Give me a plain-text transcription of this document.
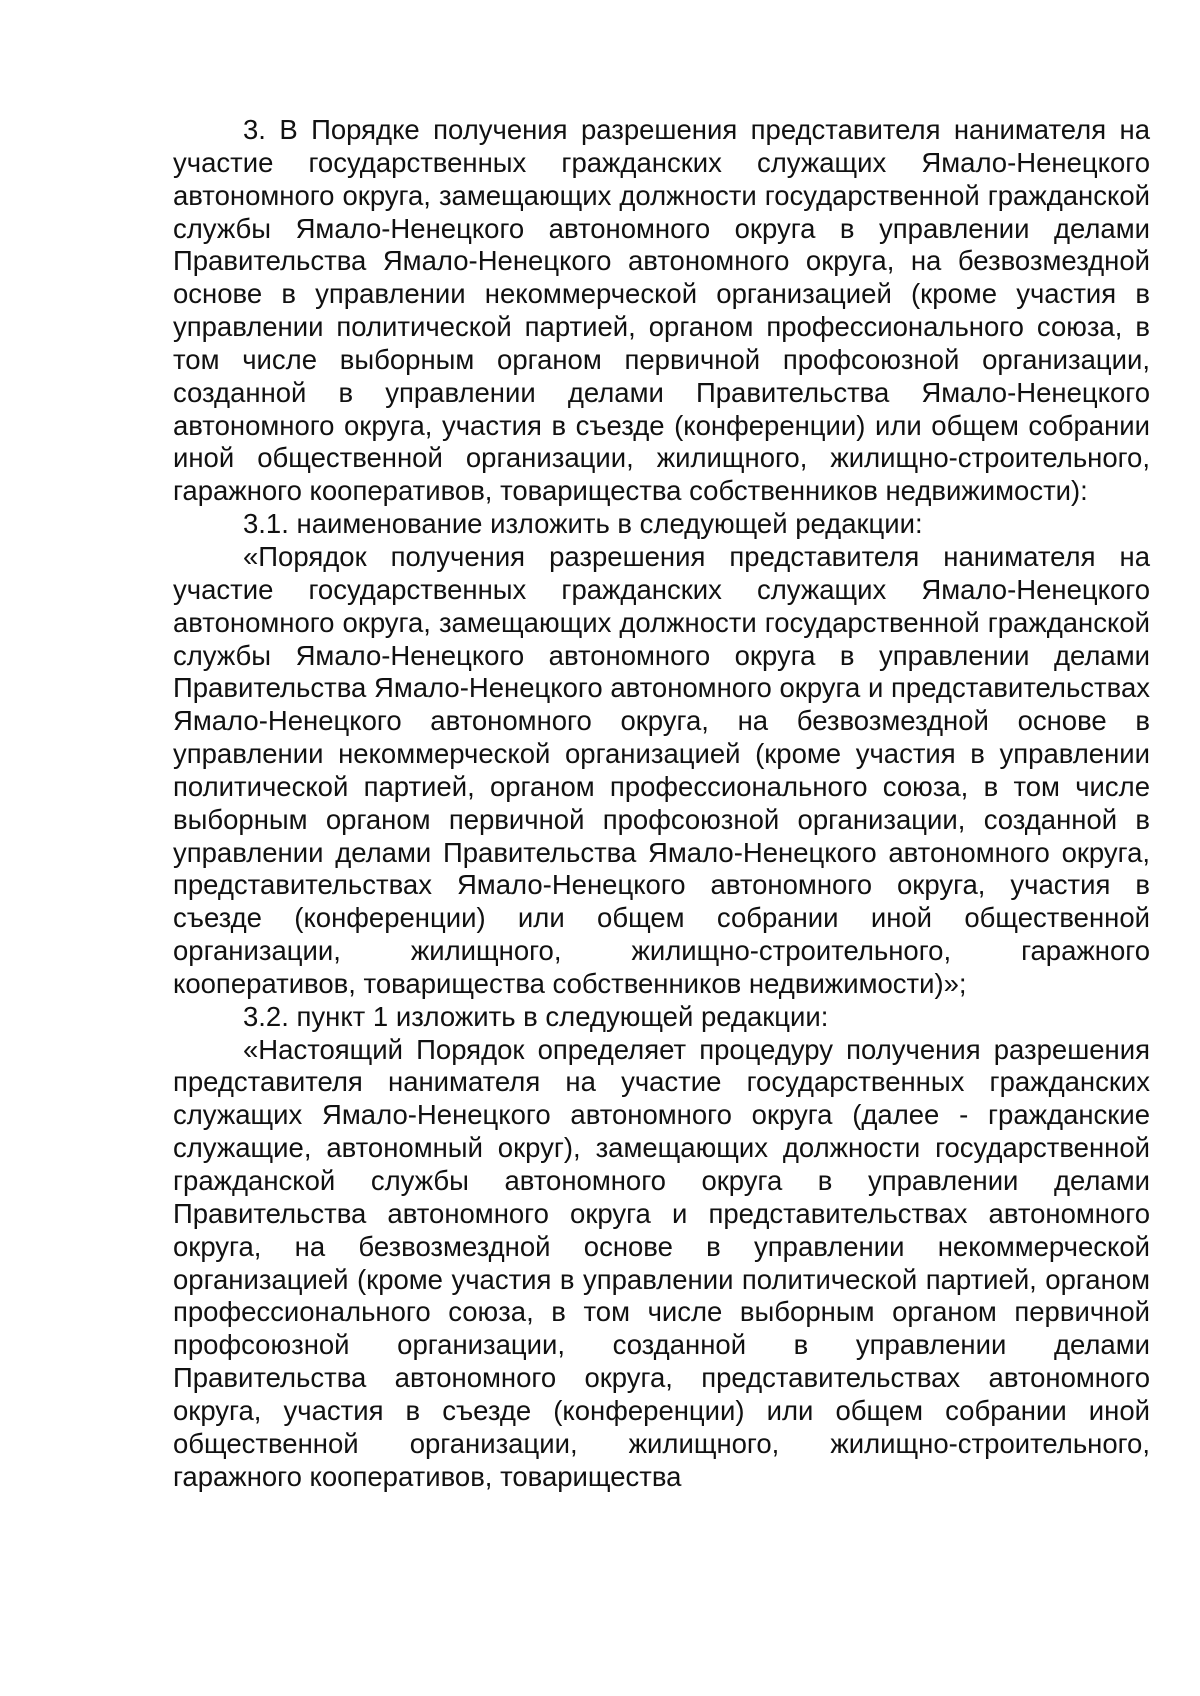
3. В Порядке получения разрешения представителя нанимателя на участие государственных гражданских служащих Ямало-Ненецкого автономного округа, замещающих должности государственной гражданской службы Ямало-Ненецкого автономного округа в управлении делами Правительства Ямало-Ненецкого автономного округа, на безвозмездной основе в управлении некоммерческой организацией (кроме участия в управлении политической партией, органом профессионального союза, в том числе выборным органом первичной профсоюзной организации, созданной в управлении делами Правительства Ямало-Ненецкого автономного округа, участия в съезде (конференции) или общем собрании иной общественной организации, жилищного, жилищно-строительного, гаражного кооперативов, товарищества собственников недвижимости):

3.1. наименование изложить в следующей редакции:

«Порядок получения разрешения представителя нанимателя на участие государственных гражданских служащих Ямало-Ненецкого автономного округа, замещающих должности государственной гражданской службы Ямало-Ненецкого автономного округа в управлении делами Правительства Ямало-Ненецкого автономного округа и представительствах Ямало-Ненецкого автономного округа, на безвозмездной основе в управлении некоммерческой организацией (кроме участия в управлении политической партией, органом профессионального союза, в том числе выборным органом первичной профсоюзной организации, созданной в управлении делами Правительства Ямало-Ненецкого автономного округа, представительствах Ямало-Ненецкого автономного округа, участия в съезде (конференции) или общем собрании иной общественной организации, жилищного, жилищно-строительного, гаражного кооперативов, товарищества собственников недвижимости)»;

3.2. пункт 1 изложить в следующей редакции:

«Настоящий Порядок определяет процедуру получения разрешения представителя нанимателя на участие государственных гражданских служащих Ямало-Ненецкого автономного округа (далее - гражданские служащие, автономный округ), замещающих должности государственной гражданской службы автономного округа в управлении делами Правительства автономного округа и представительствах автономного округа, на безвозмездной основе в управлении некоммерческой организацией (кроме участия в управлении политической партией, органом профессионального союза, в том числе выборным органом первичной профсоюзной организации, созданной в управлении делами Правительства автономного округа, представительствах автономного округа, участия в съезде (конференции) или общем собрании иной общественной организации, жилищного, жилищно-строительного, гаражного кооперативов, товарищества
